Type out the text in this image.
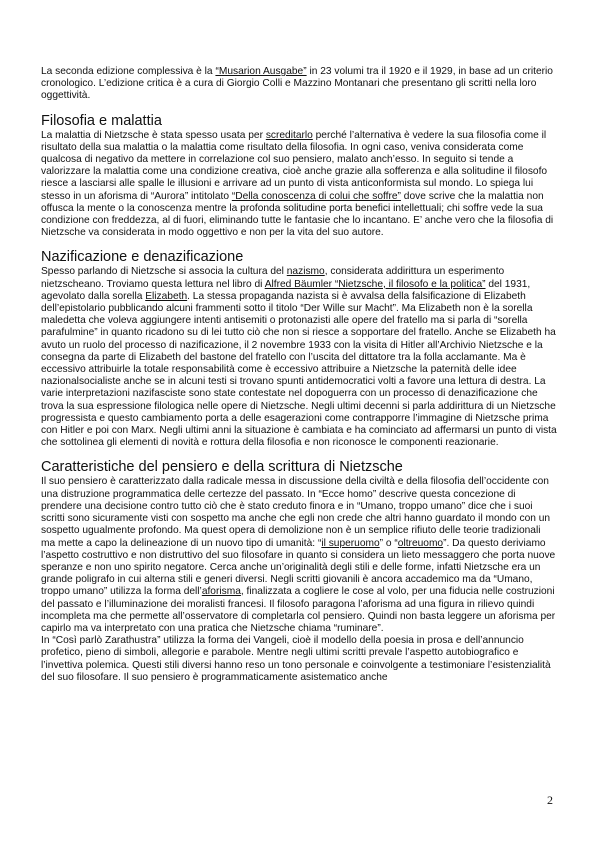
La seconda edizione complessiva è la “Musarion Ausgabe” in 23 volumi tra il 1920 e il 1929, in base ad un criterio cronologico. L’edizione critica è a cura di Giorgio Colli e Mazzino Montanari che presentano gli scritti nella loro oggettività.

Filosofia e malattia

La malattia di Nietzsche è stata spesso usata per screditarlo perché l’alternativa è vedere la sua filosofia come il risultato della sua malattia o la malattia come risultato della filosofia. In ogni caso, veniva considerata come qualcosa di negativo da mettere in correlazione col suo pensiero, malato anch’esso. In seguito si tende a valorizzare la malattia come una condizione creativa, cioè anche grazie alla sofferenza e alla solitudine il filosofo riesce a lasciarsi alle spalle le illusioni e arrivare ad un punto di vista anticonformista sul mondo. Lo spiega lui stesso in un aforisma di “Aurora” intitolato “Della conoscenza di colui che soffre” dove scrive che la malattia non offusca la mente o la conoscenza mentre la profonda solitudine porta benefici intellettuali; chi soffre vede la sua condizione con freddezza, al di fuori, eliminando tutte le fantasie che lo incantano. E’ anche vero che la filosofia di Nietzsche va considerata in modo oggettivo e non per la vita del suo autore.

Nazificazione e denazificazione

Spesso parlando di Nietzsche si associa la cultura del nazismo, considerata addirittura un esperimento nietzscheano. Troviamo questa lettura nel libro di Alfred Bäumler “Nietzsche, il filosofo e la politica” del 1931, agevolato dalla sorella Elizabeth. La stessa propaganda nazista si è avvalsa della falsificazione di Elizabeth dell’epistolario pubblicando alcuni frammenti sotto il titolo “Der Wille sur Macht”. Ma Elizabeth non è la sorella maledetta che voleva aggiungere intenti antisemiti o protonazisti alle opere del fratello ma si parla di “sorella parafulmine” in quanto ricadono su di lei tutto ciò che non si riesce a sopportare del fratello. Anche se Elizabeth ha avuto un ruolo del processo di nazificazione, il 2 novembre 1933 con la visita di Hitler all’Archivio Nietzsche e la consegna da parte di Elizabeth del bastone del fratello con l’uscita del dittatore tra la folla acclamante. Ma è eccessivo attribuirle la totale responsabilità come è eccessivo attribuire a Nietzsche la paternità delle idee nazionalsocialiste anche se in alcuni testi si trovano spunti antidemocratici volti a favore una lettura di destra. La varie interpretazioni nazifasciste sono state contestate nel dopoguerra con un processo di denazificazione che trova la sua espressione filologica nelle opere di Nietzsche. Negli ultimi decenni si parla addirittura di un Nietzsche progressista e questo cambiamento porta a delle esagerazioni come contrapporre l’immagine di Nietzsche prima con Hitler e poi con Marx. Negli ultimi anni la situazione è cambiata e ha cominciato ad affermarsi un punto di vista che sottolinea gli elementi di novità e rottura della filosofia e non riconosce le componenti reazionarie.

Caratteristiche del pensiero e della scrittura di Nietzsche

Il suo pensiero è caratterizzato dalla radicale messa in discussione della civiltà e della filosofia dell’occidente con una distruzione programmatica delle certezze del passato. In “Ecce homo” descrive questa concezione di prendere una decisione contro tutto ciò che è stato creduto finora e in “Umano, troppo umano” dice che i suoi scritti sono sicuramente visti con sospetto ma anche che egli non crede che altri hanno guardato il mondo con un sospetto ugualmente profondo. Ma quest opera di demolizione non è un semplice rifiuto delle teorie tradizionali ma mette a capo la delineazione di un nuovo tipo di umanità: “il superuomo” o “oltreuomo”. Da questo deriviamo l’aspetto costruttivo e non distruttivo del suo filosofare in quanto si considera un lieto messaggero che porta nuove speranze e non uno spirito negatore. Cerca anche un’originalità degli stili e delle forme, infatti Nietzsche era un grande poligrafo in cui alterna stili e generi diversi. Negli scritti giovanili è ancora accademico ma da “Umano, troppo umano” utilizza la forma dell’aforisma, finalizzata a cogliere le cose al volo, per una fiducia nelle costruzioni del passato e l’illuminazione dei moralisti francesi. Il filosofo paragona l’aforisma ad una figura in rilievo quindi incompleta ma che permette all’osservatore di completarla col pensiero. Quindi non basta leggere un aforisma per capirlo ma va interpretato con una pratica che Nietzsche chiama “ruminare”.

In “Così parlò Zarathustra” utilizza la forma dei Vangeli, cioè il modello della poesia in prosa e dell’annuncio profetico, pieno di simboli, allegorie e parabole. Mentre negli ultimi scritti prevale l’aspetto autobiografico e l’invettiva polemica. Questi stili diversi hanno reso un tono personale e coinvolgente a testimoniare l’esistenzialità del suo filosofare. Il suo pensiero è programmaticamente asistematico anche

2
